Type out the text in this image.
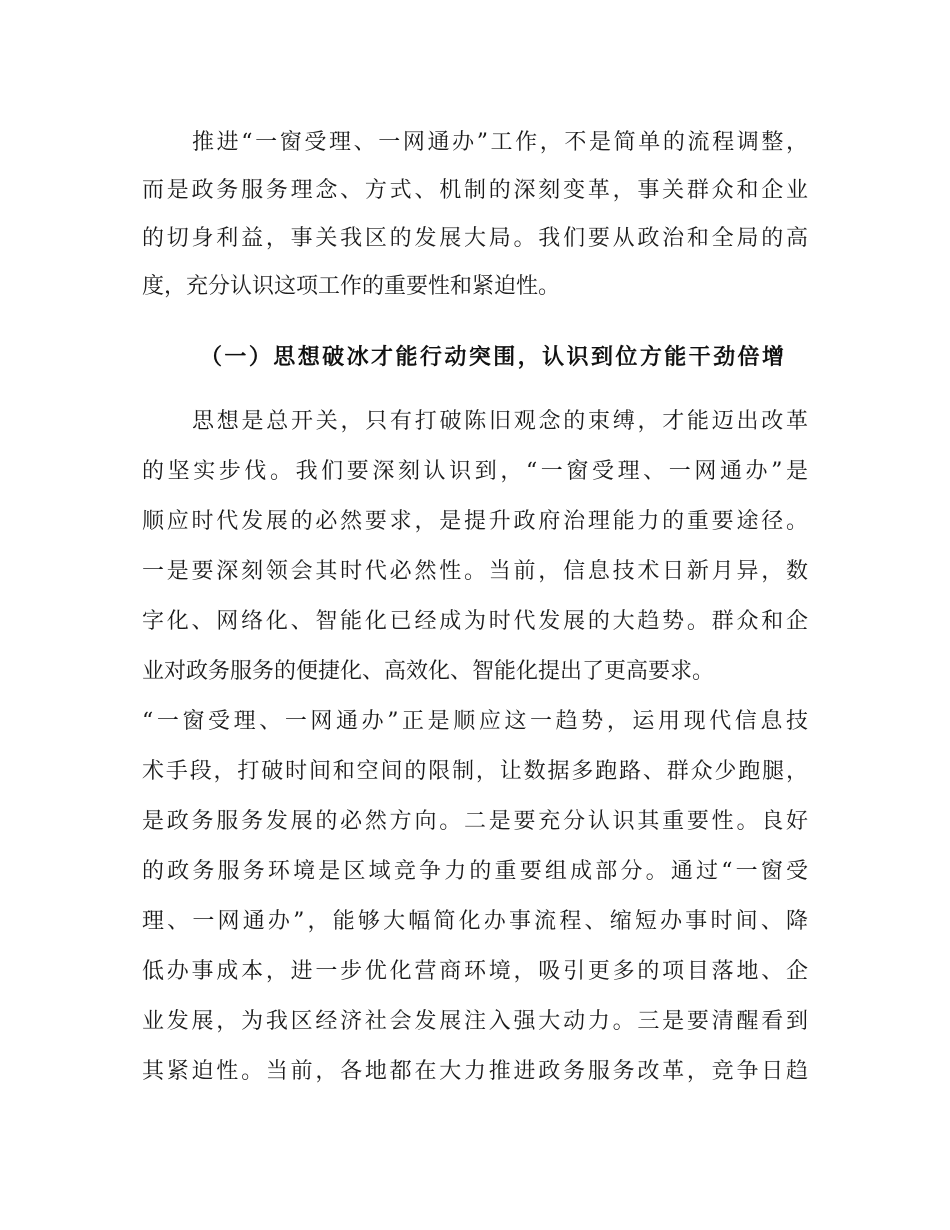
推进“一窗受理、一网通办”工作，不是简单的流程调整，
而是政务服务理念、方式、机制的深刻变革，事关群众和企业
的切身利益，事关我区的发展大局。我们要从政治和全局的高
度，充分认识这项工作的重要性和紧迫性。
（一）思想破冰才能行动突围，认识到位方能干劲倍增
思想是总开关，只有打破陈旧观念的束缚，才能迈出改革
的坚实步伐。我们要深刻认识到，“一窗受理、一网通办”是
顺应时代发展的必然要求，是提升政府治理能力的重要途径。
一是要深刻领会其时代必然性。当前，信息技术日新月异，数
字化、网络化、智能化已经成为时代发展的大趋势。群众和企
业对政务服务的便捷化、高效化、智能化提出了更高要求。
“一窗受理、一网通办”正是顺应这一趋势，运用现代信息技
术手段，打破时间和空间的限制，让数据多跑路、群众少跑腿，
是政务服务发展的必然方向。二是要充分认识其重要性。良好
的政务服务环境是区域竞争力的重要组成部分。通过“一窗受
理、一网通办”，能够大幅简化办事流程、缩短办事时间、降
低办事成本，进一步优化营商环境，吸引更多的项目落地、企
业发展，为我区经济社会发展注入强大动力。三是要清醒看到
其紧迫性。当前，各地都在大力推进政务服务改革，竞争日趋
